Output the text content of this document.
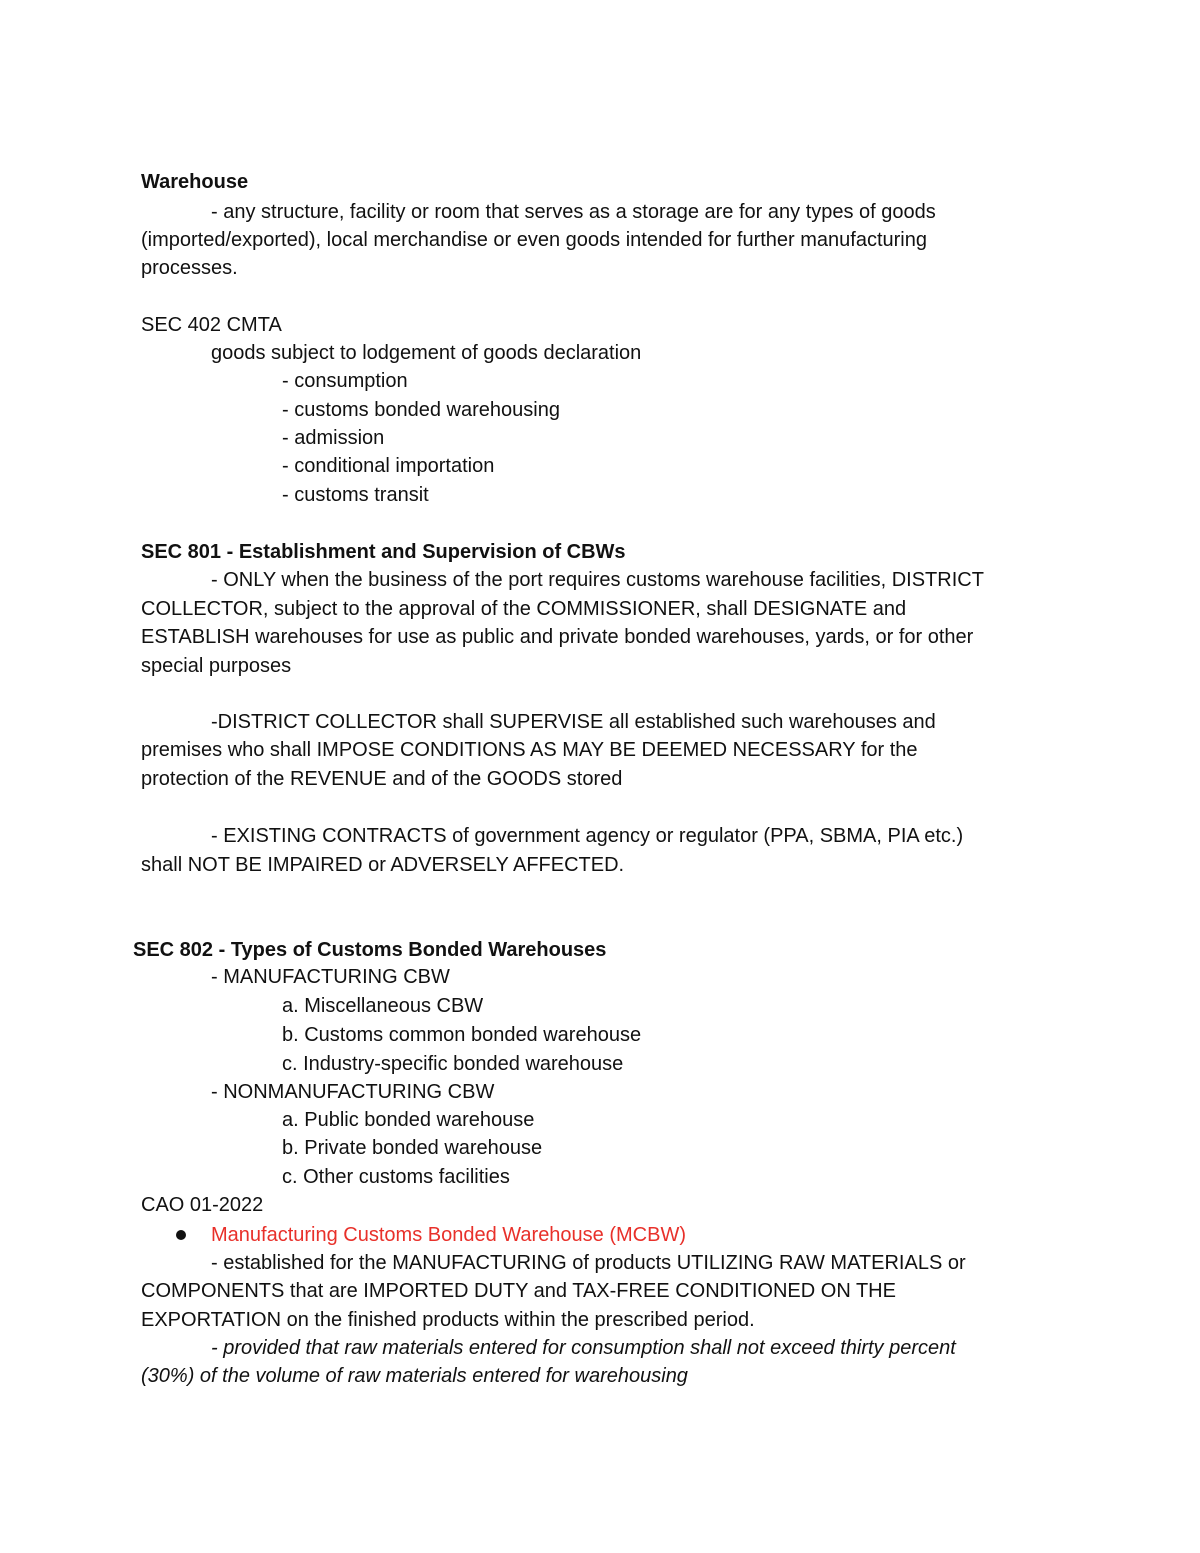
Warehouse

- any structure, facility or room that serves as a storage are for any types of goods

(imported/exported), local merchandise or even goods intended for further manufacturing

processes.

SEC 402 CMTA

goods subject to lodgement of goods declaration

- consumption

- customs bonded warehousing

- admission

- conditional importation

- customs transit

SEC 801 - Establishment and Supervision of CBWs

- ONLY when the business of the port requires customs warehouse facilities, DISTRICT

COLLECTOR, subject to the approval of the COMMISSIONER, shall DESIGNATE and

ESTABLISH warehouses for use as public and private bonded warehouses, yards, or for other

special purposes

-DISTRICT COLLECTOR shall SUPERVISE all established such warehouses and

premises who shall IMPOSE CONDITIONS AS MAY BE DEEMED NECESSARY for the

protection of the REVENUE and of the GOODS stored

- EXISTING CONTRACTS of government agency or regulator (PPA, SBMA, PIA etc.)

shall NOT BE IMPAIRED or ADVERSELY AFFECTED.

SEC 802 - Types of Customs Bonded Warehouses

- MANUFACTURING CBW

a. Miscellaneous CBW

b. Customs common bonded warehouse

c. Industry-specific bonded warehouse

- NONMANUFACTURING CBW

a. Public bonded warehouse

b. Private bonded warehouse

c. Other customs facilities

CAO 01-2022

Manufacturing Customs Bonded Warehouse (MCBW)

- established for the MANUFACTURING of products UTILIZING RAW MATERIALS or

COMPONENTS that are IMPORTED DUTY and TAX-FREE CONDITIONED ON THE

EXPORTATION on the finished products within the prescribed period.

- provided that raw materials entered for consumption shall not exceed thirty percent

(30%) of the volume of raw materials entered for warehousing
